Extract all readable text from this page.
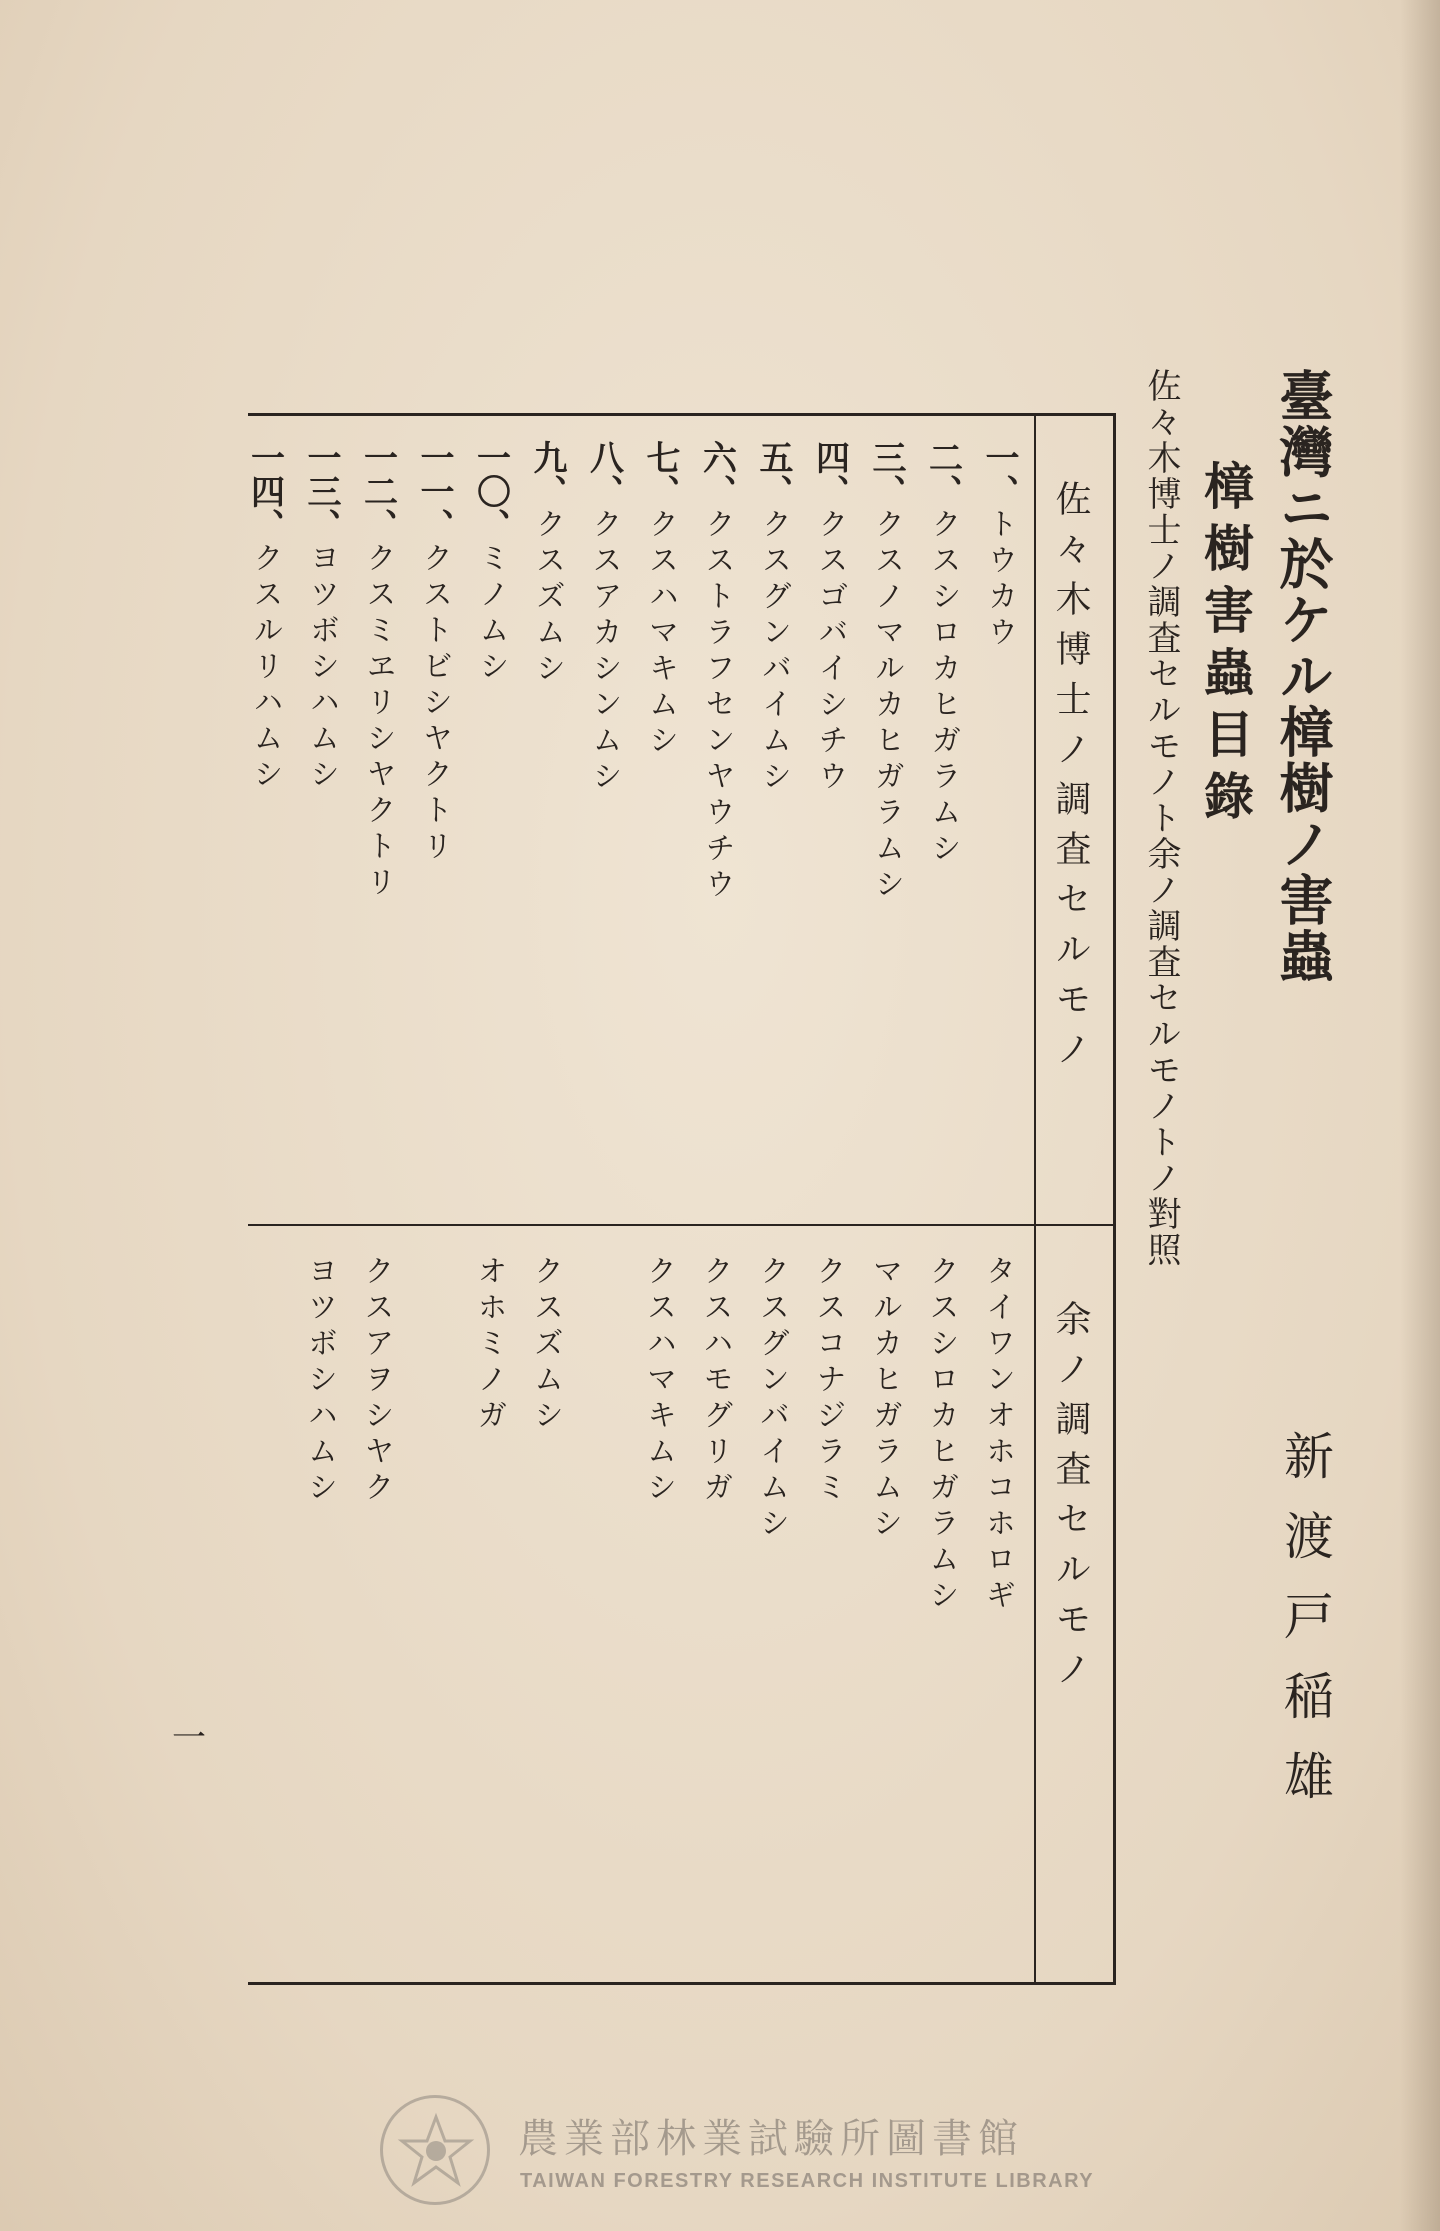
臺灣ニ於ケル樟樹ノ害蟲
樟樹害蟲目錄
佐々木博士ノ調査セルモノト余ノ調査セルモノトノ對照
新渡戸稲雄
佐々木博士ノ調査セルモノ
余ノ調査セルモノ
一、トウカウ
二、クスシロカヒガラムシ
三、クスノマルカヒガラムシ
四、クスゴバイシチウ
五、クスグンバイムシ
六、クストラフセンヤウチウ
七、クスハマキムシ
八、クスアカシンムシ
九、クスズムシ
一〇、ミノムシ
一一、クストビシヤクトリ
一二、クスミヱリシヤクトリ
一三、ヨツボシハムシ
一四、クスルリハムシ
タイワンオホコホロギ
クスシロカヒガラムシ
マルカヒガラムシ
クスコナジラミ
クスグンバイムシ
クスハモグリガ
クスハマキムシ
クスズムシ
オホミノガ
クスアヲシヤク
ヨツボシハムシ
一
農業部林業試驗所圖書館
TAIWAN FORESTRY RESEARCH INSTITUTE LIBRARY
